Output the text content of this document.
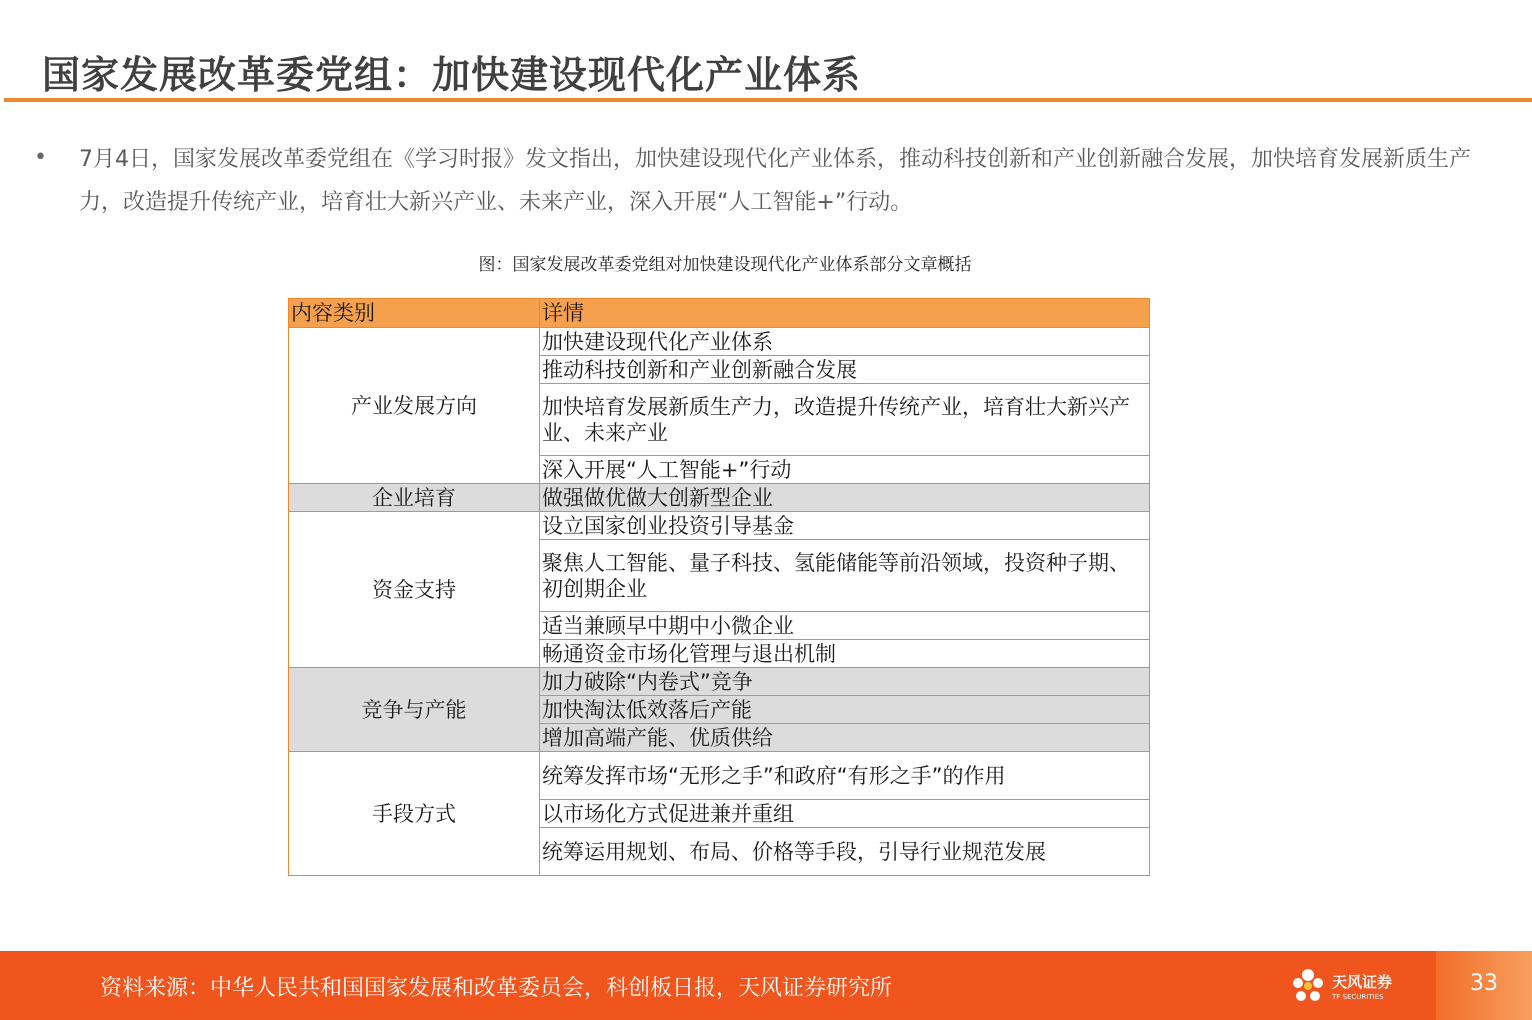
国家发展改革委党组：加快建设现代化产业体系
• 7月4日，国家发展改革委党组在《学习时报》发文指出，加快建设现代化产业体系，推动科技创新和产业创新融合发展，加快培育发展新质生产力，改造提升传统产业，培育壮大新兴产业、未来产业，深入开展“人工智能+”行动。

图：国家发展改革委党组对加快建设现代化产业体系部分文章概括

内容类别	详情
产业发展方向	加快建设现代化产业体系
	推动科技创新和产业创新融合发展
	加快培育发展新质生产力，改造提升传统产业，培育壮大新兴产业、未来产业
	深入开展“人工智能+”行动
企业培育	做强做优做大创新型企业
资金支持	设立国家创业投资引导基金
	聚焦人工智能、量子科技、氢能储能等前沿领域，投资种子期、初创期企业
	适当兼顾早中期中小微企业
	畅通资金市场化管理与退出机制
竞争与产能	加力破除“内卷式”竞争
	加快淘汰低效落后产能
	增加高端产能、优质供给
手段方式	统筹发挥市场“无形之手”和政府“有形之手”的作用
	以市场化方式促进兼并重组
	统筹运用规划、布局、价格等手段，引导行业规范发展
资料来源：中华人民共和国国家发展和改革委员会，科创板日报，天风证券研究所	天风证券
TF SECURITIES
33
